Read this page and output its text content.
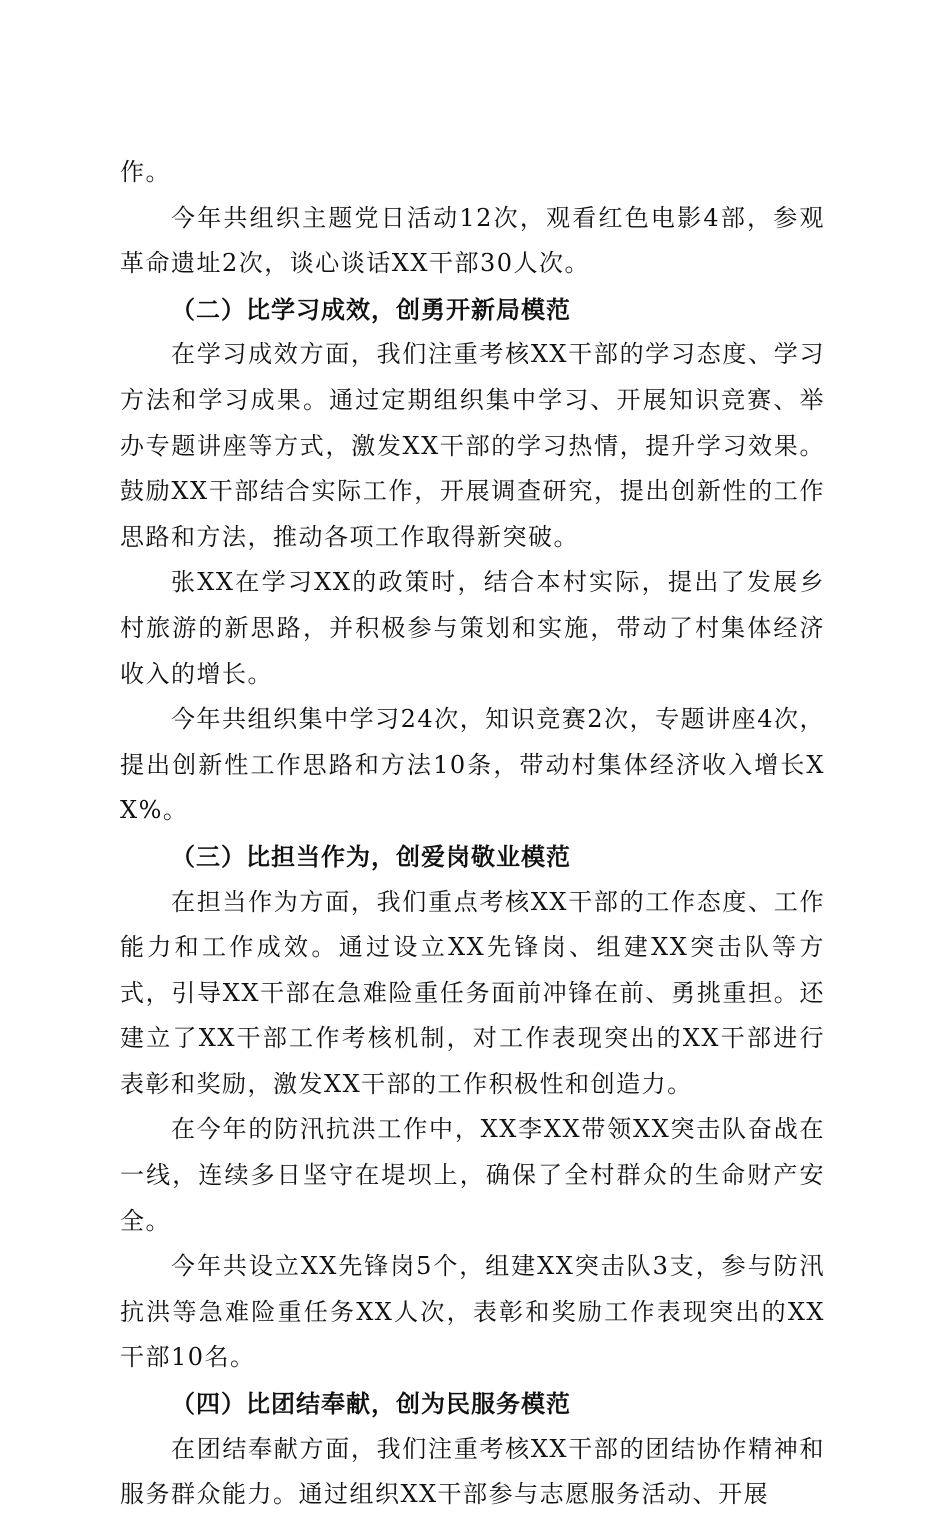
作。

今年共组织主题党日活动12次，观看红色电影4部，参观革命遗址2次，谈心谈话XX干部30人次。

（二）比学习成效，创勇开新局模范

在学习成效方面，我们注重考核XX干部的学习态度、学习方法和学习成果。通过定期组织集中学习、开展知识竞赛、举办专题讲座等方式，激发XX干部的学习热情，提升学习效果。鼓励XX干部结合实际工作，开展调查研究，提出创新性的工作思路和方法，推动各项工作取得新突破。

张XX在学习XX的政策时，结合本村实际，提出了发展乡村旅游的新思路，并积极参与策划和实施，带动了村集体经济收入的增长。

今年共组织集中学习24次，知识竞赛2次，专题讲座4次，提出创新性工作思路和方法10条，带动村集体经济收入增长XX%。

（三）比担当作为，创爱岗敬业模范

在担当作为方面，我们重点考核XX干部的工作态度、工作能力和工作成效。通过设立XX先锋岗、组建XX突击队等方式，引导XX干部在急难险重任务面前冲锋在前、勇挑重担。还建立了XX干部工作考核机制，对工作表现突出的XX干部进行表彰和奖励，激发XX干部的工作积极性和创造力。

在今年的防汛抗洪工作中，XX李XX带领XX突击队奋战在一线，连续多日坚守在堤坝上，确保了全村群众的生命财产安全。

今年共设立XX先锋岗5个，组建XX突击队3支，参与防汛抗洪等急难险重任务XX人次，表彰和奖励工作表现突出的XX干部10名。

（四）比团结奉献，创为民服务模范

在团结奉献方面，我们注重考核XX干部的团结协作精神和服务群众能力。通过组织XX干部参与志愿服务活动、开展
